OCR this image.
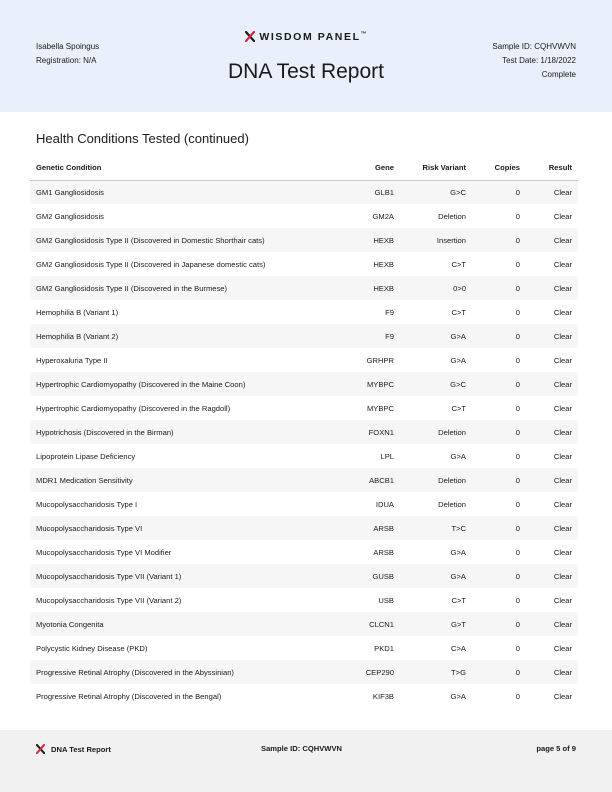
Isabella Spoingus
Registration: N/A
WISDOM PANEL™
DNA Test Report
Sample ID: CQHVWVN
Test Date: 1/18/2022
Complete
Health Conditions Tested (continued)
Genetic Condition	Gene	Risk Variant	Copies	Result
GM1 Gangliosidosis	GLB1	G>C	0	Clear
GM2 Gangliosidosis	GM2A	Deletion	0	Clear
GM2 Gangliosidosis Type II (Discovered in Domestic Shorthair cats)	HEXB	Insertion	0	Clear
GM2 Gangliosidosis Type II (Discovered in Japanese domestic cats)	HEXB	C>T	0	Clear
GM2 Gangliosidosis Type II (Discovered in the Burmese)	HEXB	0>0	0	Clear
Hemophilia B (Variant 1)	F9	C>T	0	Clear
Hemophilia B (Variant 2)	F9	G>A	0	Clear
Hyperoxaluria Type II	GRHPR	G>A	0	Clear
Hypertrophic Cardiomyopathy (Discovered in the Maine Coon)	MYBPC	G>C	0	Clear
Hypertrophic Cardiomyopathy (Discovered in the Ragdoll)	MYBPC	C>T	0	Clear
Hypotrichosis (Discovered in the Birman)	FOXN1	Deletion	0	Clear
Lipoprotein Lipase Deficiency	LPL	G>A	0	Clear
MDR1 Medication Sensitivity	ABCB1	Deletion	0	Clear
Mucopolysaccharidosis Type I	IDUA	Deletion	0	Clear
Mucopolysaccharidosis Type VI	ARSB	T>C	0	Clear
Mucopolysaccharidosis Type VI Modifier	ARSB	G>A	0	Clear
Mucopolysaccharidosis Type VII (Variant 1)	GUSB	G>A	0	Clear
Mucopolysaccharidosis Type VII (Variant 2)	USB	C>T	0	Clear
Myotonia Congenita	CLCN1	G>T	0	Clear
Polycystic Kidney Disease (PKD)	PKD1	C>A	0	Clear
Progressive Retinal Atrophy (Discovered in the Abyssinian)	CEP290	T>G	0	Clear
Progressive Retinal Atrophy (Discovered in the Bengal)	KIF3B	G>A	0	Clear
DNA Test Report	Sample ID: CQHVWVN	page 5 of 9
